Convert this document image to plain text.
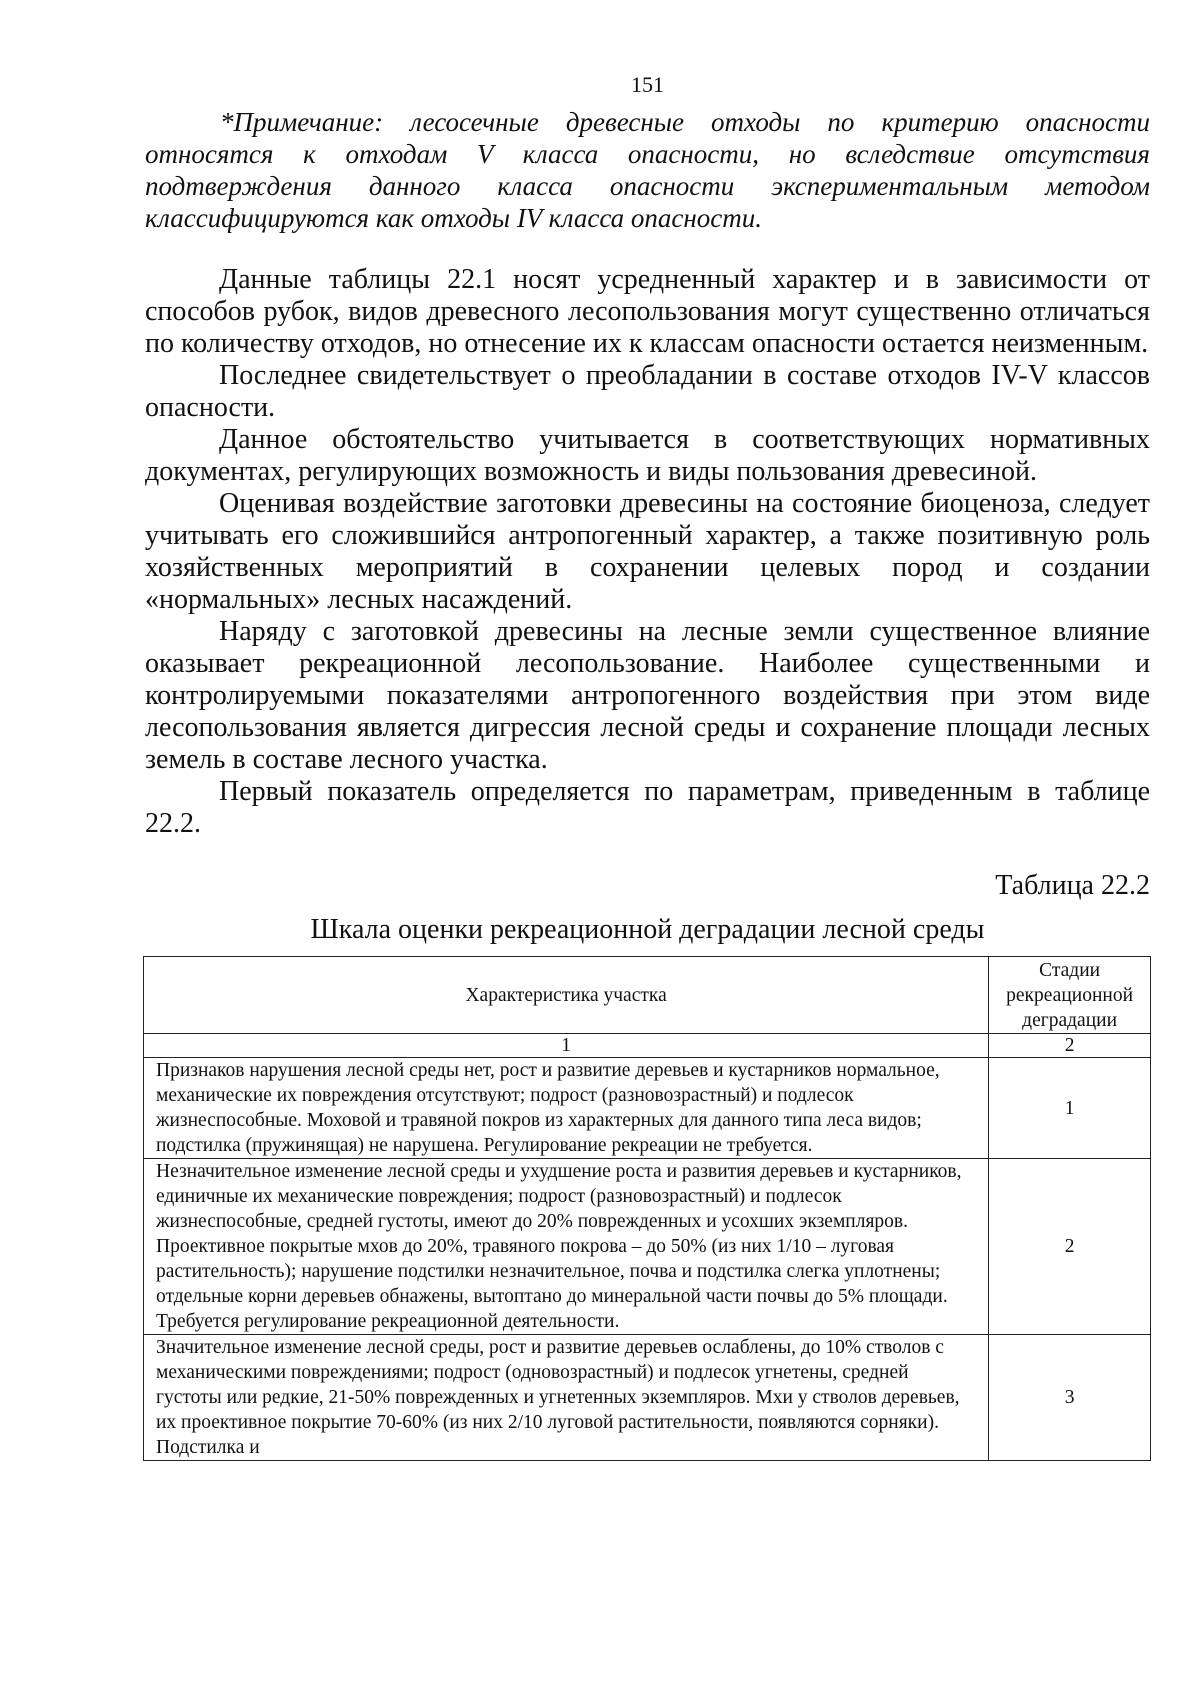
151

*Примечание: лесосечные древесные отходы по критерию опасности относятся к отходам V класса опасности, но вследствие отсутствия подтверждения данного класса опасности экспериментальным методом классифицируются как отходы IV класса опасности.

Данные таблицы 22.1 носят усредненный характер и в зависимости от способов рубок, видов древесного лесопользования могут существенно отличаться по количеству отходов, но отнесение их к классам опасности остается неизменным.

Последнее свидетельствует о преобладании в составе отходов IV-V классов опасности.

Данное обстоятельство учитывается в соответствующих нормативных документах, регулирующих возможность и виды пользования древесиной.

Оценивая воздействие заготовки древесины на состояние биоценоза, следует учитывать его сложившийся антропогенный характер, а также позитивную роль хозяйственных мероприятий в сохранении целевых пород и создании «нормальных» лесных насаждений.

Наряду с заготовкой древесины на лесные земли существенное влияние оказывает рекреационной лесопользование. Наиболее существенными и контролируемыми показателями антропогенного воздействия при этом виде лесопользования является дигрессия лесной среды и сохранение площади лесных земель в составе лесного участка.

Первый показатель определяется по параметрам, приведенным в таблице 22.2.

Таблица 22.2
Шкала оценки рекреационной деградации лесной среды
Характеристика участка	Стадии рекреационной деградации
1	2
Признаков нарушения лесной среды нет, рост и развитие деревьев и кустарников нормальное, механические их повреждения отсутствуют; подрост (разновозрастный) и подлесок жизнеспособные. Моховой и травяной покров из характерных для данного типа леса видов; подстилка (пружинящая) не нарушена. Регулирование рекреации не требуется.	1
Незначительное изменение лесной среды и ухудшение роста и развития деревьев и кустарников, единичные их механические повреждения; подрост (разновозрастный) и подлесок жизнеспособные, средней густоты, имеют до 20% поврежденных и усохших экземпляров. Проективное покрытые мхов до 20%, травяного покрова – до 50% (из них 1/10 – луговая растительность); нарушение подстилки незначительное, почва и подстилка слегка уплотнены; отдельные корни деревьев обнажены, вытоптано до минеральной части почвы до 5% площади. Требуется регулирование рекреационной деятельности.	2
Значительное изменение лесной среды, рост и развитие деревьев ослаблены, до 10% стволов с механическими повреждениями; подрост (одновозрастный) и подлесок угнетены, средней густоты или редкие, 21-50% поврежденных и угнетенных экземпляров. Мхи у стволов деревьев, их проективное покрытие 70-60% (из них 2/10 луговой растительности, появляются сорняки). Подстилка и	3
